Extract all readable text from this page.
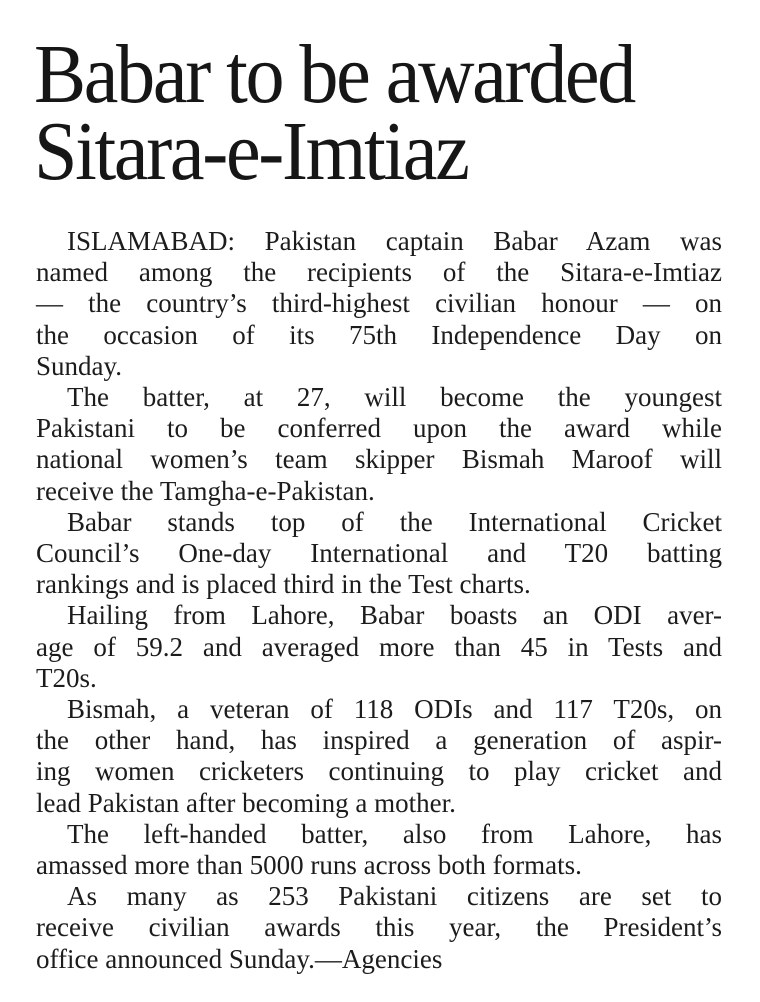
Babar to be awarded
Sitara-e-Imtiaz

ISLAMABAD: Pakistan captain Babar Azam was
named among the recipients of the Sitara-e-Imtiaz
— the country’s third-highest civilian honour — on
the occasion of its 75th Independence Day on
Sunday.

The batter, at 27, will become the youngest
Pakistani to be conferred upon the award while
national women’s team skipper Bismah Maroof will
receive the Tamgha-e-Pakistan.

Babar stands top of the International Cricket
Council’s One-day International and T20 batting
rankings and is placed third in the Test charts.

Hailing from Lahore, Babar boasts an ODI aver-
age of 59.2 and averaged more than 45 in Tests and
T20s.

Bismah, a veteran of 118 ODIs and 117 T20s, on
the other hand, has inspired a generation of aspir-
ing women cricketers continuing to play cricket and
lead Pakistan after becoming a mother.

The left-handed batter, also from Lahore, has
amassed more than 5000 runs across both formats.

As many as 253 Pakistani citizens are set to
receive civilian awards this year, the President’s
office announced Sunday.—Agencies
